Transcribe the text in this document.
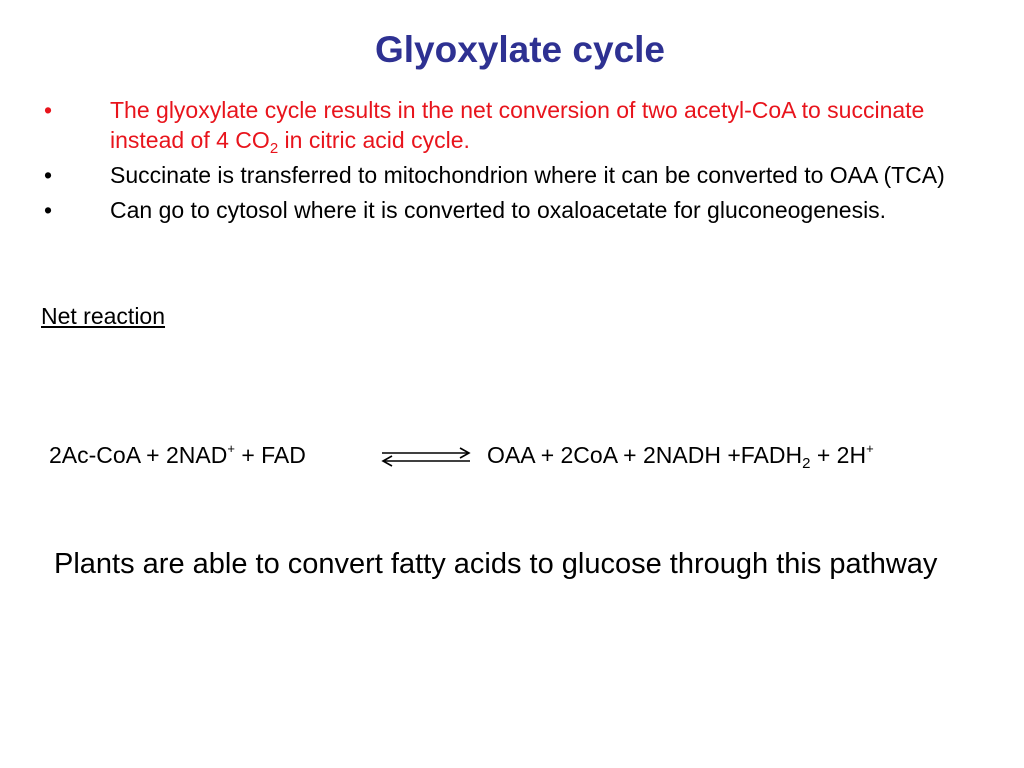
Glyoxylate cycle
•	The glyoxylate cycle results in the net conversion of two acetyl-CoA to succinate instead of 4 $CO_2$ in citric acid cycle.
•	Succinate is transferred to mitochondrion where it can be converted to OAA (TCA)
•	Can go to cytosol where it is converted to oxaloacetate for gluconeogenesis.
Net reaction
2Ac-CoA + 2NAD+ + FAD	OAA + 2CoA + 2NADH $+FADH_2 + 2H^+$
Plants are able to convert fatty acids to glucose through this pathway
